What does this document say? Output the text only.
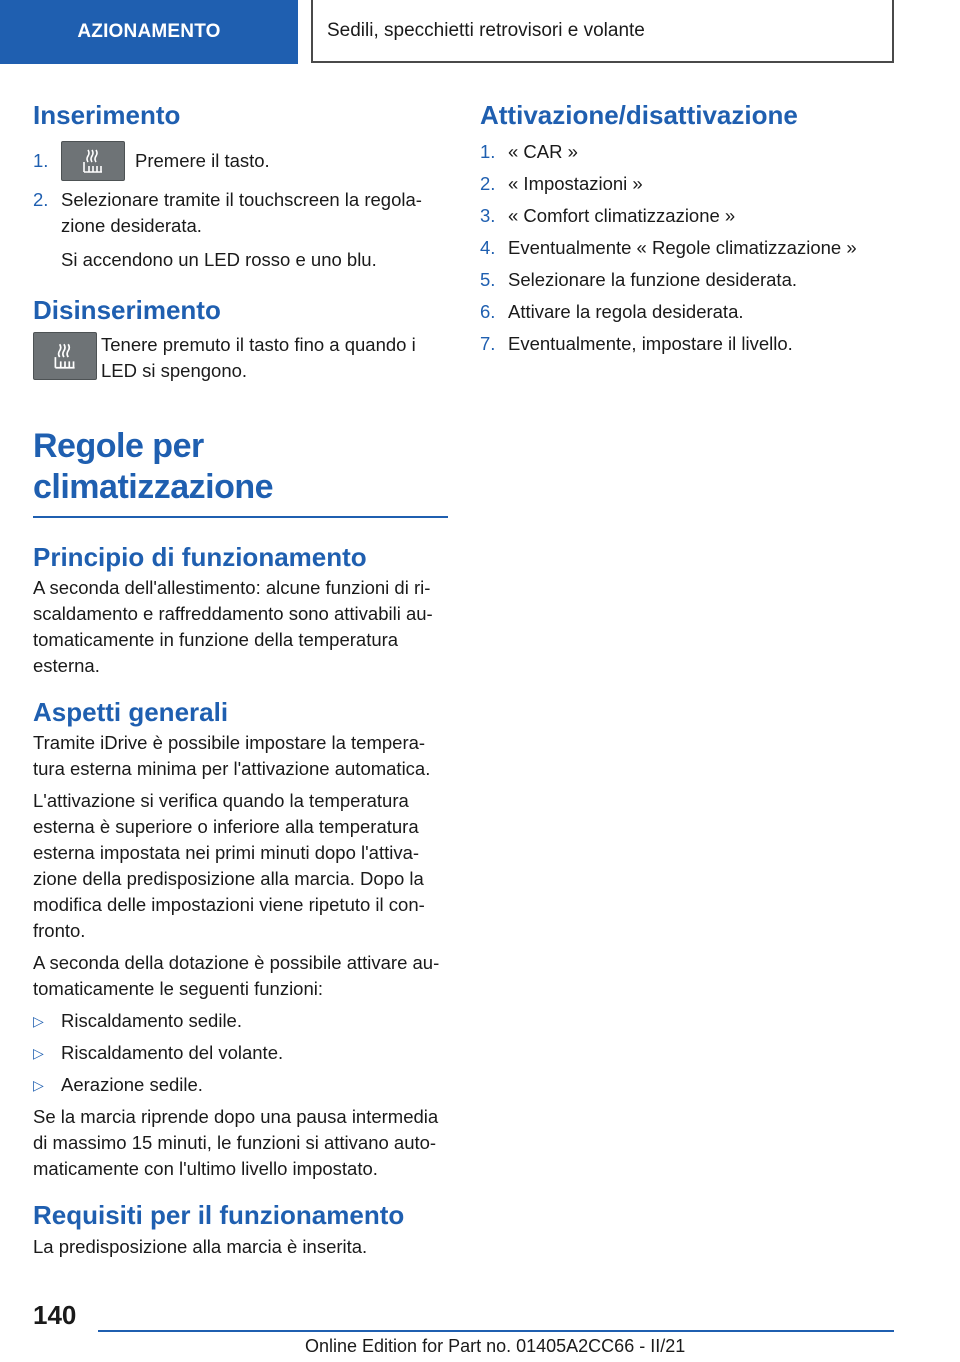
AZIONAMENTO	Sedili, specchietti retrovisori e volante
Inserimento
1.	Premere il tasto.
2. Selezionare tramite il touchscreen la regola-zione desiderata.

Si accendono un LED rosso e uno blu.

Disinserimento

Tenere premuto il tasto fino a quando i LED si spengono.

Regole per climatizzazione
Principio di funzionamento

A seconda dell'allestimento: alcune funzioni di ri-scaldamento e raffreddamento sono attivabili au-tomaticamente in funzione della temperatura esterna.

Aspetti generali

Tramite iDrive è possibile impostare la tempera-tura esterna minima per l'attivazione automatica.

L'attivazione si verifica quando la temperatura esterna è superiore o inferiore alla temperatura esterna impostata nei primi minuti dopo l'attiva-zione della predisposizione alla marcia. Dopo la modifica delle impostazioni viene ripetuto il con-fronto.

A seconda della dotazione è possibile attivare au-tomaticamente le seguenti funzioni:

▷ Riscaldamento sedile.
▷ Riscaldamento del volante.
▷ Aerazione sedile.

Se la marcia riprende dopo una pausa intermedia di massimo 15 minuti, le funzioni si attivano auto-maticamente con l'ultimo livello impostato.

Requisiti per il funzionamento

La predisposizione alla marcia è inserita.

Attivazione/disattivazione
1. « CAR »
2. « Impostazioni »
3. « Comfort climatizzazione »
4. Eventualmente « Regole climatizzazione »
5. Selezionare la funzione desiderata.
6. Attivare la regola desiderata.
7. Eventualmente, impostare il livello.
140
Online Edition for Part no. 01405A2CC66 - II/21
